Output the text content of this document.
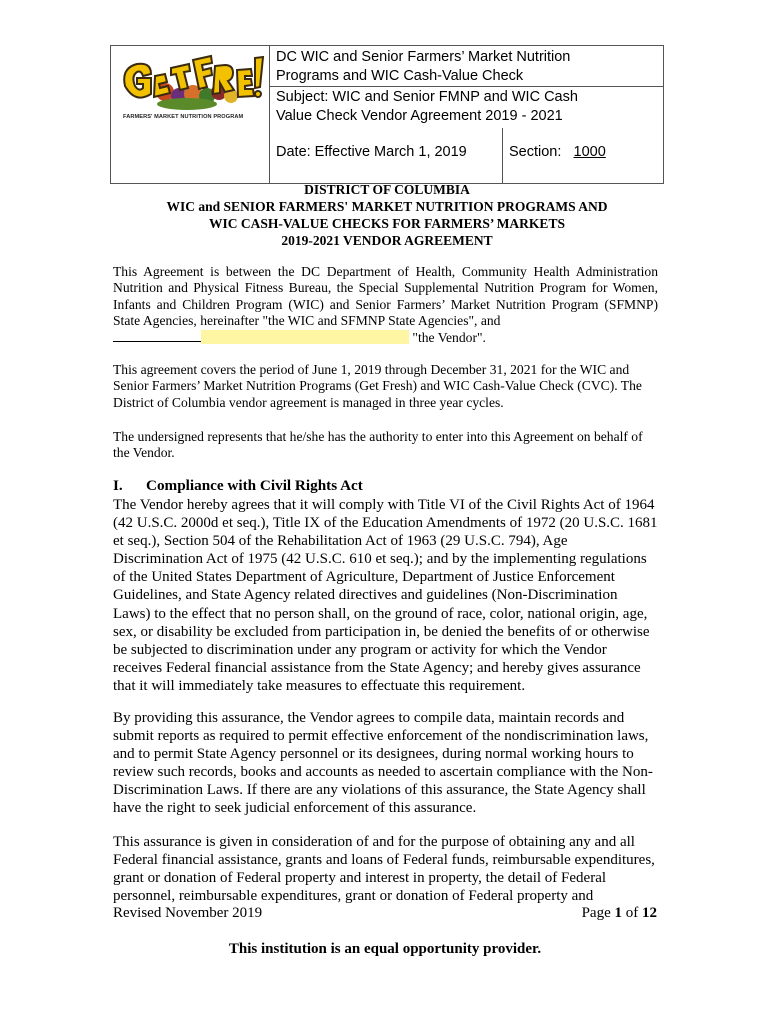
FARMERS' MARKET NUTRITION PROGRAM	DC WIC and Senior Farmers’ Market Nutrition
Programs and WIC Cash-Value Check	

	Subject: WIC and Senior FMNP and WIC Cash
Value Check Vendor Agreement 2019 - 2021	

	Date: Effective March 1, 2019	Section: 1000
DISTRICT OF COLUMBIA
WIC and SENIOR FARMERS' MARKET NUTRITION PROGRAMS AND
WIC CASH-VALUE CHECKS FOR FARMERS’ MARKETS
2019-2021 VENDOR AGREEMENT
This Agreement is between the DC Department of Health, Community Health Administration Nutrition and Physical Fitness Bureau, the Special Supplemental Nutrition Program for Women, Infants and Children Program (WIC) and Senior Farmers’ Market Nutrition Program (SFMNP) State Agencies, hereinafter "the WIC and SFMNP State Agencies", and
"the Vendor".
This agreement covers the period of June 1, 2019 through December 31, 2021 for the WIC and Senior Farmers’ Market Nutrition Programs (Get Fresh) and WIC Cash-Value Check (CVC). The District of Columbia vendor agreement is managed in three year cycles.
The undersigned represents that he/she has the authority to enter into this Agreement on behalf of the Vendor.
I. Compliance with Civil Rights Act
The Vendor hereby agrees that it will comply with Title VI of the Civil Rights Act of 1964 (42 U.S.C. 2000d et seq.), Title IX of the Education Amendments of 1972 (20 U.S.C. 1681 et seq.), Section 504 of the Rehabilitation Act of 1963 (29 U.S.C. 794), Age Discrimination Act of 1975 (42 U.S.C. 610 et seq.); and by the implementing regulations of the United States Department of Agriculture, Department of Justice Enforcement Guidelines, and State Agency related directives and guidelines (Non-Discrimination Laws) to the effect that no person shall, on the ground of race, color, national origin, age, sex, or disability be excluded from participation in, be denied the benefits of or otherwise be subjected to discrimination under any program or activity for which the Vendor receives Federal financial assistance from the State Agency; and hereby gives assurance that it will immediately take measures to effectuate this requirement.
By providing this assurance, the Vendor agrees to compile data, maintain records and submit reports as required to permit effective enforcement of the nondiscrimination laws, and to permit State Agency personnel or its designees, during normal working hours to review such records, books and accounts as needed to ascertain compliance with the Non-Discrimination Laws. If there are any violations of this assurance, the State Agency shall have the right to seek judicial enforcement of this assurance.
This assurance is given in consideration of and for the purpose of obtaining any and all Federal financial assistance, grants and loans of Federal funds, reimbursable expenditures, grant or donation of Federal property and interest in property, the detail of Federal personnel, reimbursable expenditures, grant or donation of Federal property and
Revised November 2019	Page 1 of 12
This institution is an equal opportunity provider.
